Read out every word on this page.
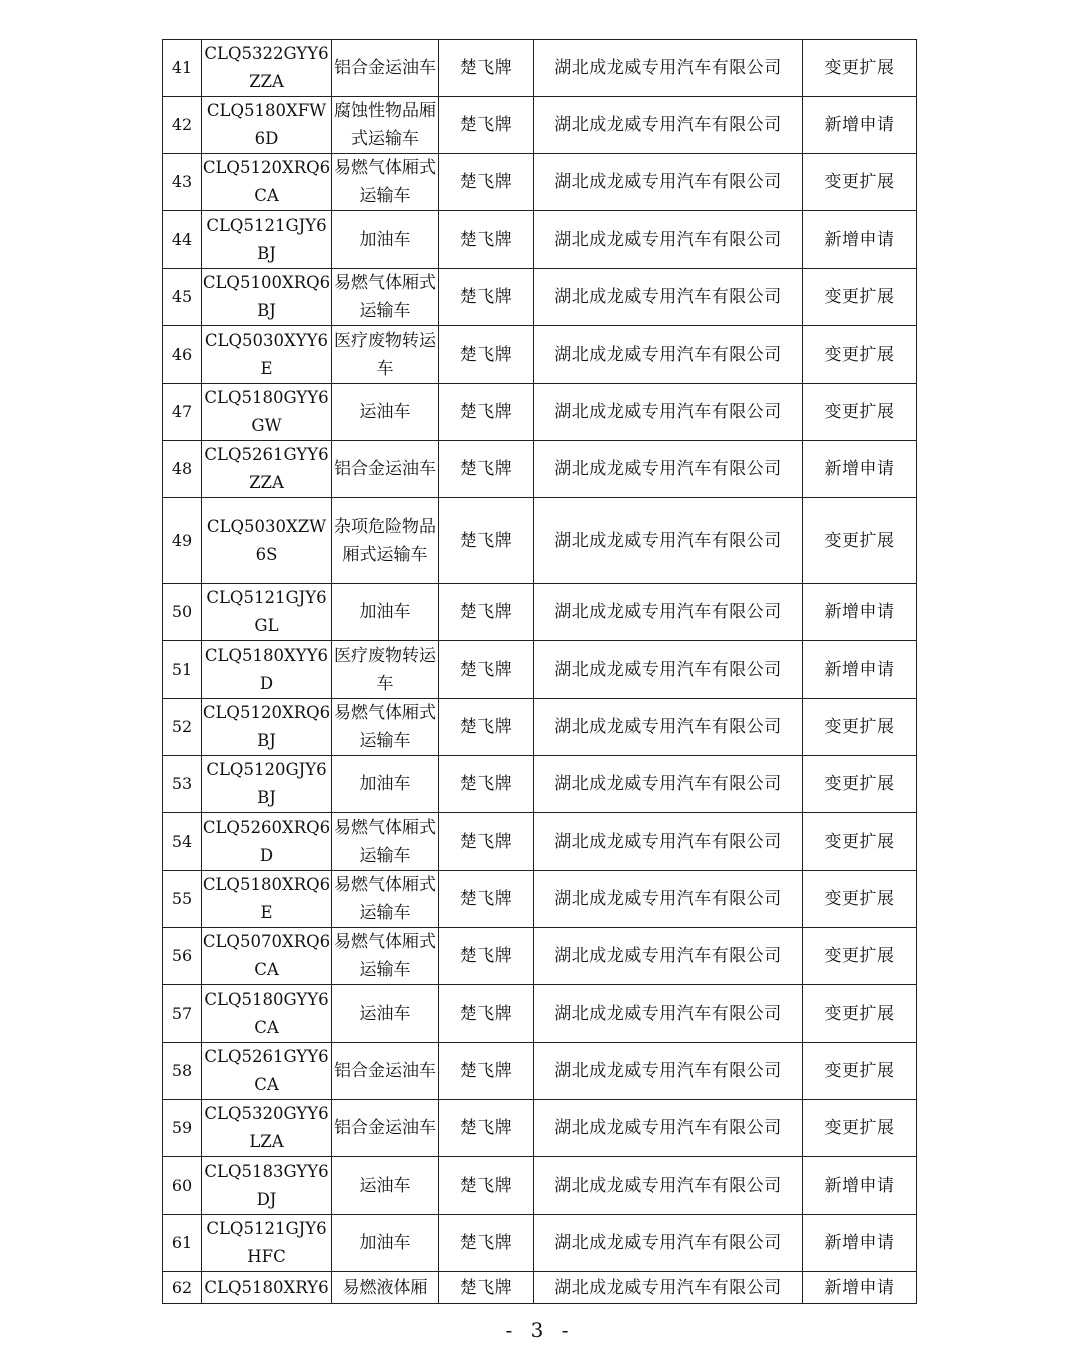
41	CLQ5322GYY6ZZA	铝合金运油车	楚飞牌	湖北成龙威专用汽车有限公司	变更扩展
42	CLQ5180XFW6D	腐蚀性物品厢式运输车	楚飞牌	湖北成龙威专用汽车有限公司	新增申请
43	CLQ5120XRQ6CA	易燃气体厢式运输车	楚飞牌	湖北成龙威专用汽车有限公司	变更扩展
44	CLQ5121GJY6BJ	加油车	楚飞牌	湖北成龙威专用汽车有限公司	新增申请
45	CLQ5100XRQ6BJ	易燃气体厢式运输车	楚飞牌	湖北成龙威专用汽车有限公司	变更扩展
46	CLQ5030XYY6E	医疗废物转运车	楚飞牌	湖北成龙威专用汽车有限公司	变更扩展
47	CLQ5180GYY6GW	运油车	楚飞牌	湖北成龙威专用汽车有限公司	变更扩展
48	CLQ5261GYY6ZZA	铝合金运油车	楚飞牌	湖北成龙威专用汽车有限公司	新增申请
49	CLQ5030XZW6S	杂项危险物品厢式运输车	楚飞牌	湖北成龙威专用汽车有限公司	变更扩展
50	CLQ5121GJY6GL	加油车	楚飞牌	湖北成龙威专用汽车有限公司	新增申请
51	CLQ5180XYY6D	医疗废物转运车	楚飞牌	湖北成龙威专用汽车有限公司	新增申请
52	CLQ5120XRQ6BJ	易燃气体厢式运输车	楚飞牌	湖北成龙威专用汽车有限公司	变更扩展
53	CLQ5120GJY6BJ	加油车	楚飞牌	湖北成龙威专用汽车有限公司	变更扩展
54	CLQ5260XRQ6D	易燃气体厢式运输车	楚飞牌	湖北成龙威专用汽车有限公司	变更扩展
55	CLQ5180XRQ6E	易燃气体厢式运输车	楚飞牌	湖北成龙威专用汽车有限公司	变更扩展
56	CLQ5070XRQ6CA	易燃气体厢式运输车	楚飞牌	湖北成龙威专用汽车有限公司	变更扩展
57	CLQ5180GYY6CA	运油车	楚飞牌	湖北成龙威专用汽车有限公司	变更扩展
58	CLQ5261GYY6CA	铝合金运油车	楚飞牌	湖北成龙威专用汽车有限公司	变更扩展
59	CLQ5320GYY6LZA	铝合金运油车	楚飞牌	湖北成龙威专用汽车有限公司	变更扩展
60	CLQ5183GYY6DJ	运油车	楚飞牌	湖北成龙威专用汽车有限公司	新增申请
61	CLQ5121GJY6HFC	加油车	楚飞牌	湖北成龙威专用汽车有限公司	新增申请
62	CLQ5180XRY6	易燃液体厢	楚飞牌	湖北成龙威专用汽车有限公司	新增申请
- 3 -
